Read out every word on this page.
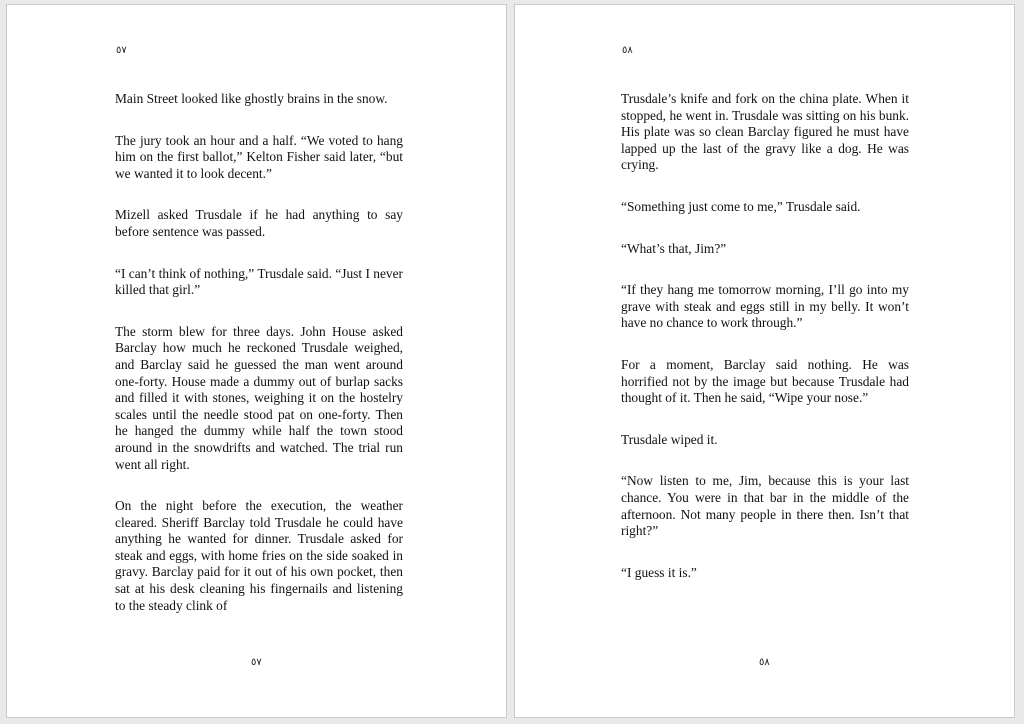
٥٧

Main Street looked like ghostly brains in the snow.

The jury took an hour and a half. “We voted to hang him on the first ballot,” Kelton Fisher said later, “but we wanted it to look decent.”

Mizell asked Trusdale if he had anything to say before sentence was passed.

“I can’t think of nothing,” Trusdale said. “Just I never killed that girl.”

The storm blew for three days. John House asked Barclay how much he reckoned Trusdale weighed, and Barclay said he guessed the man went around one-forty. House made a dummy out of burlap sacks and filled it with stones, weighing it on the hostelry scales until the needle stood pat on one-forty. Then he hanged the dummy while half the town stood around in the snowdrifts and watched. The trial run went all right.

On the night before the execution, the weather cleared. Sheriff Barclay told Trusdale he could have anything he wanted for dinner. Trusdale asked for steak and eggs, with home fries on the side soaked in gravy. Barclay paid for it out of his own pocket, then sat at his desk cleaning his fingernails and listening to the steady clink of

٥٧
٥٨

Trusdale’s knife and fork on the china plate. When it stopped, he went in. Trusdale was sitting on his bunk. His plate was so clean Barclay figured he must have lapped up the last of the gravy like a dog. He was crying.

“Something just come to me,” Trusdale said.

“What’s that, Jim?”

“If they hang me tomorrow morning, I’ll go into my grave with steak and eggs still in my belly. It won’t have no chance to work through.”

For a moment, Barclay said nothing. He was horrified not by the image but because Trusdale had thought of it. Then he said, “Wipe your nose.”

Trusdale wiped it.

“Now listen to me, Jim, because this is your last chance. You were in that bar in the middle of the afternoon. Not many people in there then. Isn’t that right?”

“I guess it is.”

٥٨
